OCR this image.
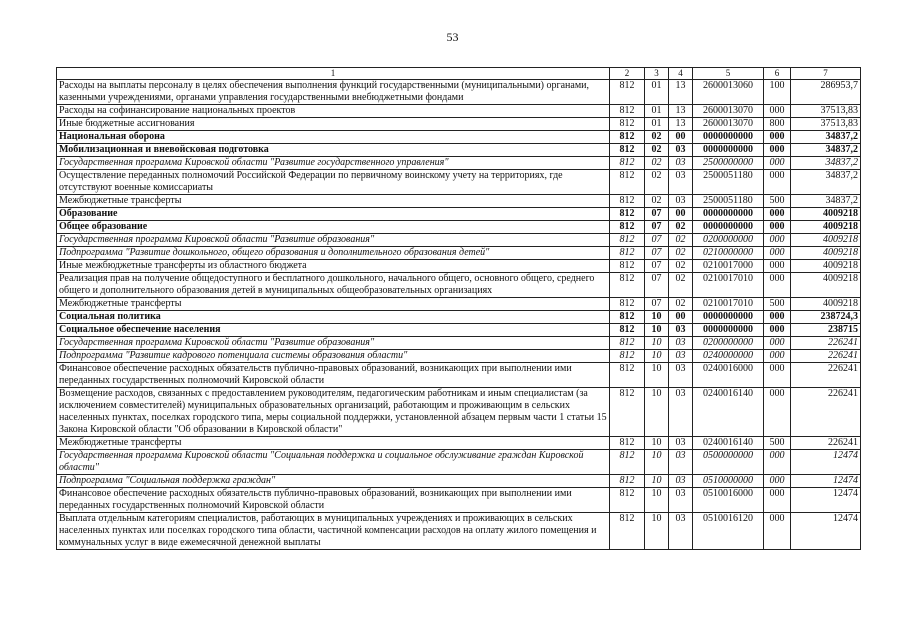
53
1	2	3	4	5	6	7
Расходы на выплаты персоналу в целях обеспечения выполнения функций государственными (муниципальными) органами, казенными учреждениями, органами управления государственными внебюджетными фондами	812	01	13	2600013060	100	286953,7
Расходы на софинансирование национальных проектов	812	01	13	2600013070	000	37513,83
Иные бюджетные ассигнования	812	01	13	2600013070	800	37513,83
Национальная оборона	812	02	00	0000000000	000	34837,2
Мобилизационная и вневойсковая подготовка	812	02	03	0000000000	000	34837,2
Государственная программа Кировской области "Развитие государственного управления"	812	02	03	2500000000	000	34837,2
Осуществление переданных полномочий Российской Федерации по первичному воинскому учету на территориях, где отсутствуют военные комиссариаты	812	02	03	2500051180	000	34837,2
Межбюджетные трансферты	812	02	03	2500051180	500	34837,2
Образование	812	07	00	0000000000	000	4009218
Общее образование	812	07	02	0000000000	000	4009218
Государственная программа Кировской области "Развитие образования"	812	07	02	0200000000	000	4009218
Подпрограмма "Развитие дошкольного, общего образования и дополнительного образования детей"	812	07	02	0210000000	000	4009218
Иные межбюджетные трансферты из областного бюджета	812	07	02	0210017000	000	4009218
Реализация прав на получение общедоступного и бесплатного дошкольного, начального общего, основного общего, среднего общего и дополнительного образования детей в муниципальных общеобразовательных организациях	812	07	02	0210017010	000	4009218
Межбюджетные трансферты	812	07	02	0210017010	500	4009218
Социальная политика	812	10	00	0000000000	000	238724,3
Социальное обеспечение населения	812	10	03	0000000000	000	238715
Государственная программа Кировской области "Развитие образования"	812	10	03	0200000000	000	226241
Подпрограмма "Развитие кадрового потенциала системы образования области"	812	10	03	0240000000	000	226241
Финансовое обеспечение расходных обязательств публично-правовых образований, возникающих при выполнении ими переданных государственных полномочий Кировской области	812	10	03	0240016000	000	226241
Возмещение расходов, связанных с предоставлением руководителям, педагогическим работникам и иным специалистам (за исключением совместителей) муниципальных образовательных организаций, работающим и проживающим в сельских населенных пунктах, поселках городского типа, меры социальной поддержки, установленной абзацем первым части 1 статьи 15 Закона Кировской области "Об образовании в Кировской области"	812	10	03	0240016140	000	226241
Межбюджетные трансферты	812	10	03	0240016140	500	226241
Государственная программа Кировской области "Социальная поддержка и социальное обслуживание граждан Кировской области"	812	10	03	0500000000	000	12474
Подпрограмма "Социальная поддержка граждан"	812	10	03	0510000000	000	12474
Финансовое обеспечение расходных обязательств публично-правовых образований, возникающих при выполнении ими переданных государственных полномочий Кировской области	812	10	03	0510016000	000	12474
Выплата отдельным категориям специалистов, работающих в муниципальных учреждениях и проживающих в сельских населенных пунктах или поселках городского типа области, частичной компенсации расходов на оплату жилого помещения и коммунальных услуг в виде ежемесячной денежной выплаты	812	10	03	0510016120	000	12474
